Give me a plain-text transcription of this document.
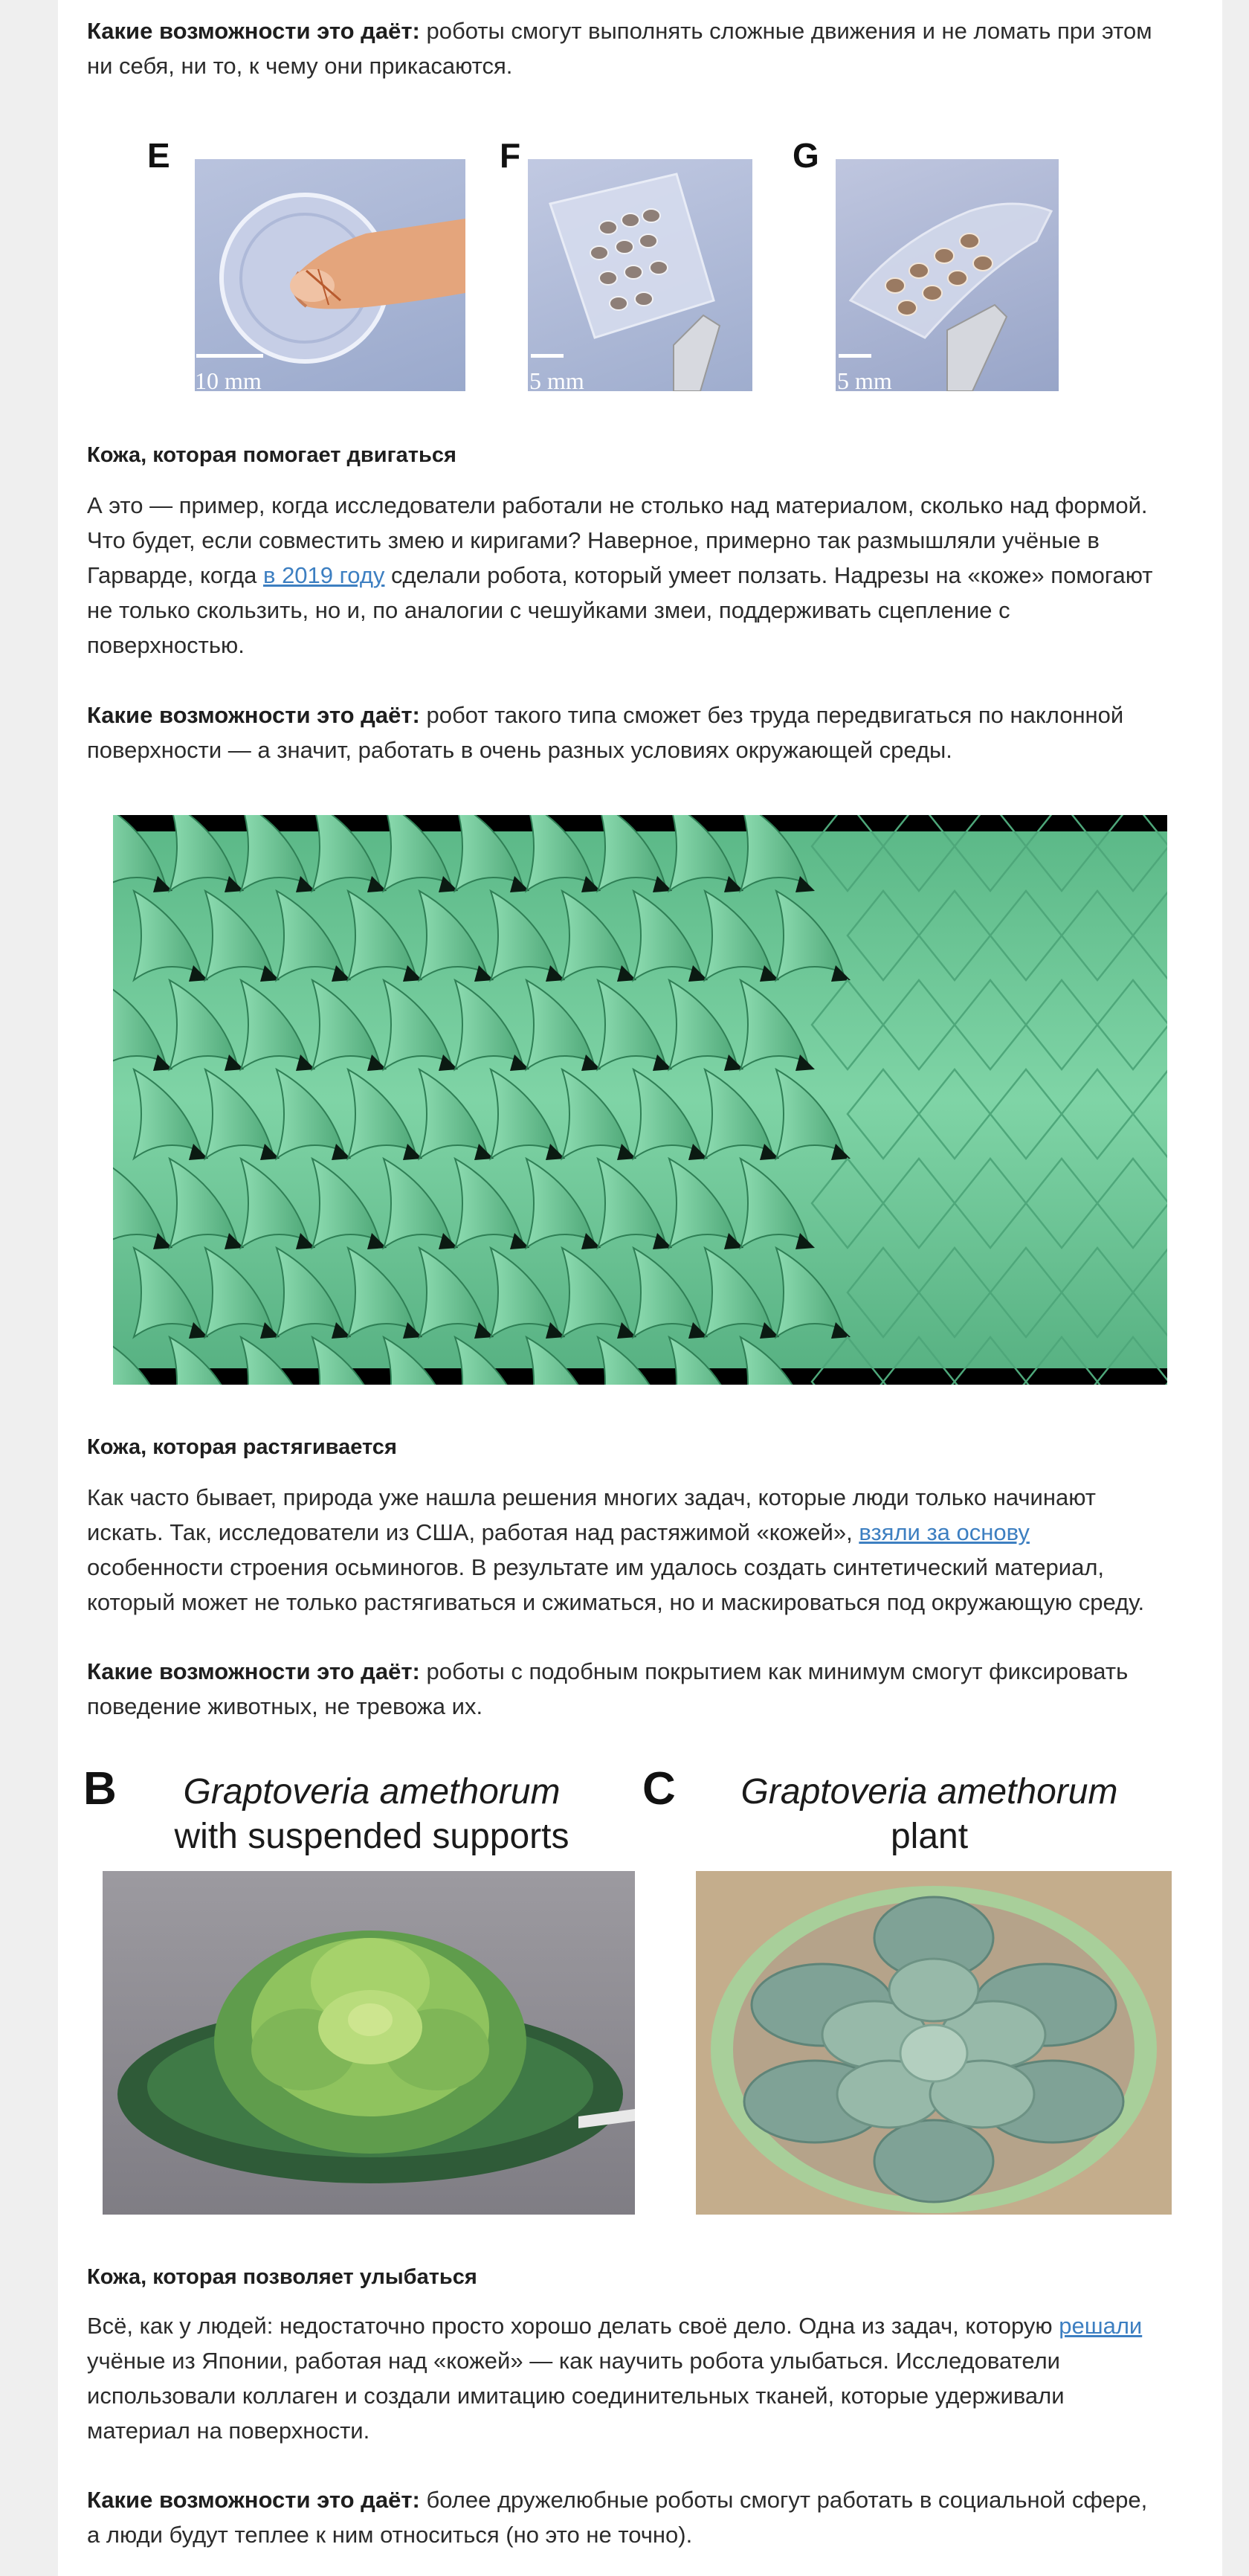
Какие возможности это даёт: роботы смогут выполнять сложные движения и не ломать при этом
ни себя, ни то, к чему они прикасаются.
E	F	G
10 mm	5 mm	5 mm
Кожа, которая помогает двигаться
А это — пример, когда исследователи работали не столько над материалом, сколько над формой.
Что будет, если совместить змею и киригами? Наверное, примерно так размышляли учёные в
Гарварде, когда в 2019 году сделали робота, который умеет ползать. Надрезы на «коже» помогают
не только скользить, но и, по аналогии с чешуйками змеи, поддерживать сцепление с
поверхностью.
Какие возможности это даёт: робот такого типа сможет без труда передвигаться по наклонной
поверхности — а значит, работать в очень разных условиях окружающей среды.
Кожа, которая растягивается
Как часто бывает, природа уже нашла решения многих задач, которые люди только начинают
искать. Так, исследователи из США, работая над растяжимой «кожей», взяли за основу
особенности строения осьминогов. В результате им удалось создать синтетический материал,
который может не только растягиваться и сжиматься, но и маскироваться под окружающую среду.
Какие возможности это даёт: роботы с подобным покрытием как минимум смогут фиксировать
поведение животных, не тревожа их.
B	Graptoveria amethorum
with suspended supports
C	Graptoveria amethorum
plant
Кожа, которая позволяет улыбаться
Всё, как у людей: недостаточно просто хорошо делать своё дело. Одна из задач, которую решали
учёные из Японии, работая над «кожей» — как научить робота улыбаться. Исследователи
использовали коллаген и создали имитацию соединительных тканей, которые удерживали
материал на поверхности.
Какие возможности это даёт: более дружелюбные роботы смогут работать в социальной сфере,
а люди будут теплее к ним относиться (но это не точно).
